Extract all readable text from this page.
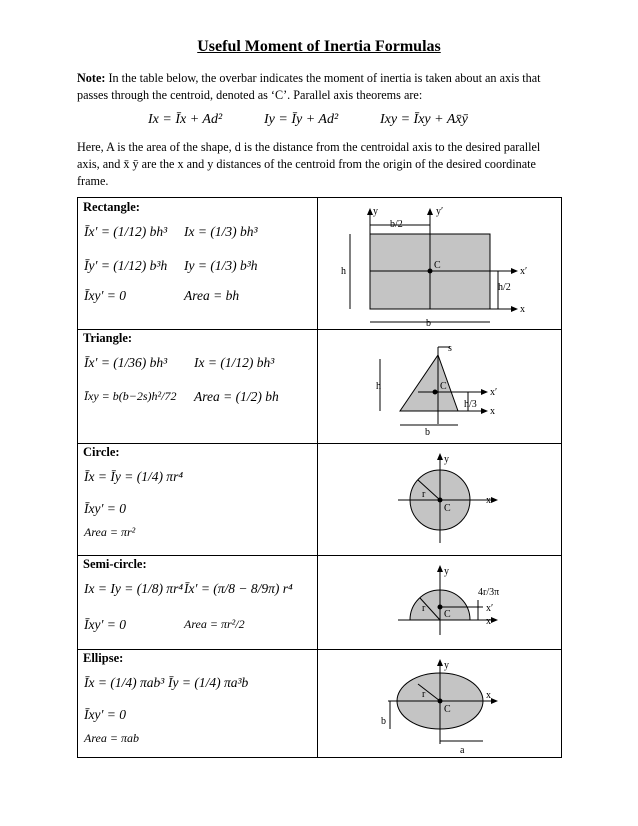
Useful Moment of Inertia Formulas
Note: In the table below, the overbar indicates the moment of inertia is taken about an axis that passes through the centroid, denoted as ‘C’. Parallel axis theorems are:
Ix = Īx + Ad²	Iy = Īy + Ad²	Ixy = Īxy + Ax̄ȳ
Here, A is the area of the shape, d is the distance from the centroidal axis to the desired parallel axis, and x̄ ȳ are the x and y distances of the centroid from the origin of the desired coordinate frame.
Rectangle:
Īx′ = (1/12) bh³ Ix = (1/3) bh³
Īy′ = (1/12) b³h Iy = (1/3) b³h
Īxy′ = 0	Area = bh
y	y′
b/2
h
C
x′
h/2
x
b
Triangle:
Īx′ = (1/36) bh³ Ix = (1/12) bh³
Īxy = b(b−2s)h²/72 Area = (1/2) bh
s
h	C
x′
h/3
x
b
Circle:
Īx = Īy = (1/4) πr⁴
Īxy′ = 0
Area = πr²
y
r
C
x
Semi-circle:
Ix = Iy = (1/8) πr⁴ Īx′ = (π/8 − 8/9π) r⁴
Īxy′ = 0	Area = πr²/2
y
r
C
4r/3π
x′
x
Ellipse:
Īx = (1/4) πab³ Īy = (1/4) πa³b
Īxy′ = 0
Area = πab
y
r
C
x
b
a
